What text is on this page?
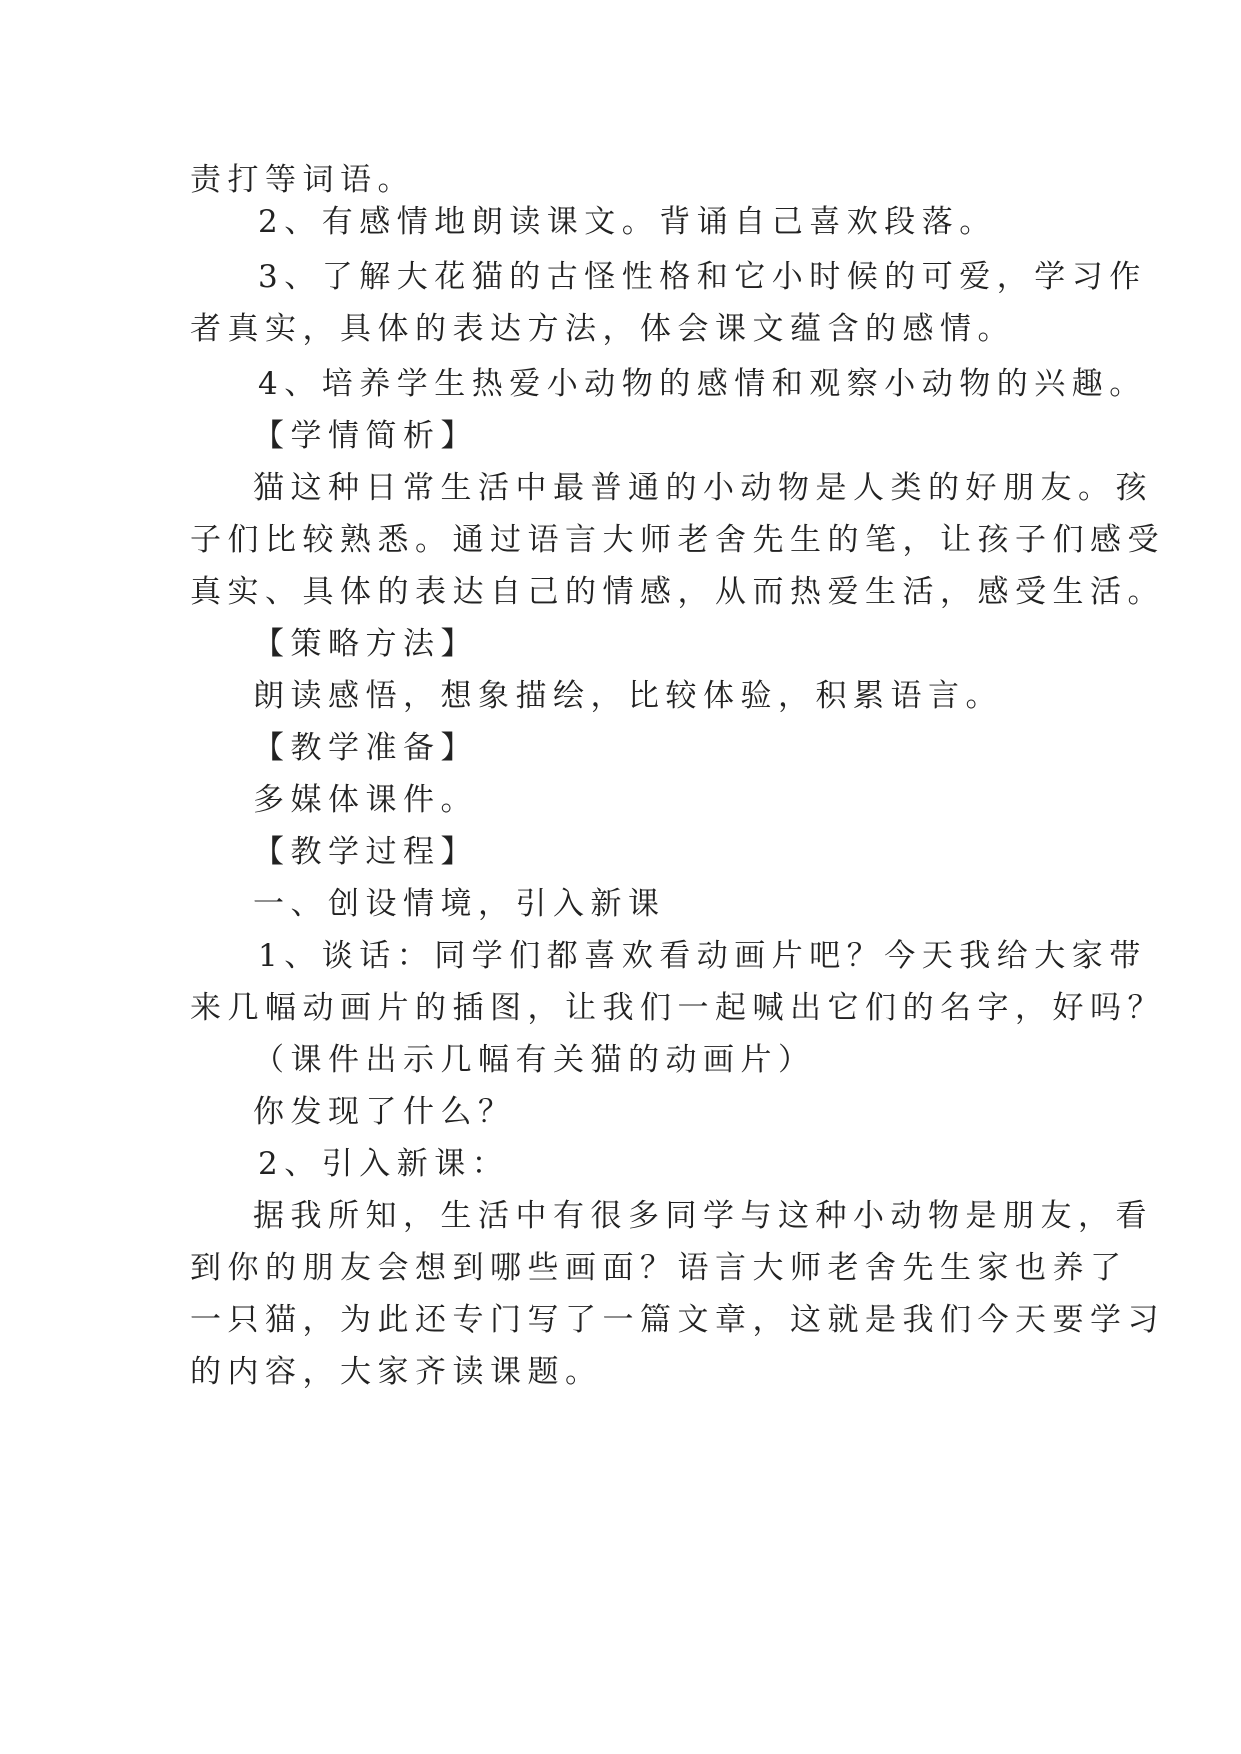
责打等词语。
2、有感情地朗读课文。背诵自己喜欢段落。
3、了解大花猫的古怪性格和它小时候的可爱，学习作
者真实，具体的表达方法，体会课文蕴含的感情。
4、培养学生热爱小动物的感情和观察小动物的兴趣。
【学情简析】
猫这种日常生活中最普通的小动物是人类的好朋友。孩
子们比较熟悉。通过语言大师老舍先生的笔，让孩子们感受
真实、具体的表达自己的情感，从而热爱生活，感受生活。
【策略方法】
朗读感悟，想象描绘，比较体验，积累语言。
【教学准备】
多媒体课件。
【教学过程】
一、创设情境，引入新课
1、谈话：同学们都喜欢看动画片吧？今天我给大家带
来几幅动画片的插图，让我们一起喊出它们的名字，好吗？
（课件出示几幅有关猫的动画片）
你发现了什么？
2、引入新课：
据我所知，生活中有很多同学与这种小动物是朋友，看
到你的朋友会想到哪些画面？语言大师老舍先生家也养了
一只猫，为此还专门写了一篇文章，这就是我们今天要学习
的内容，大家齐读课题。
